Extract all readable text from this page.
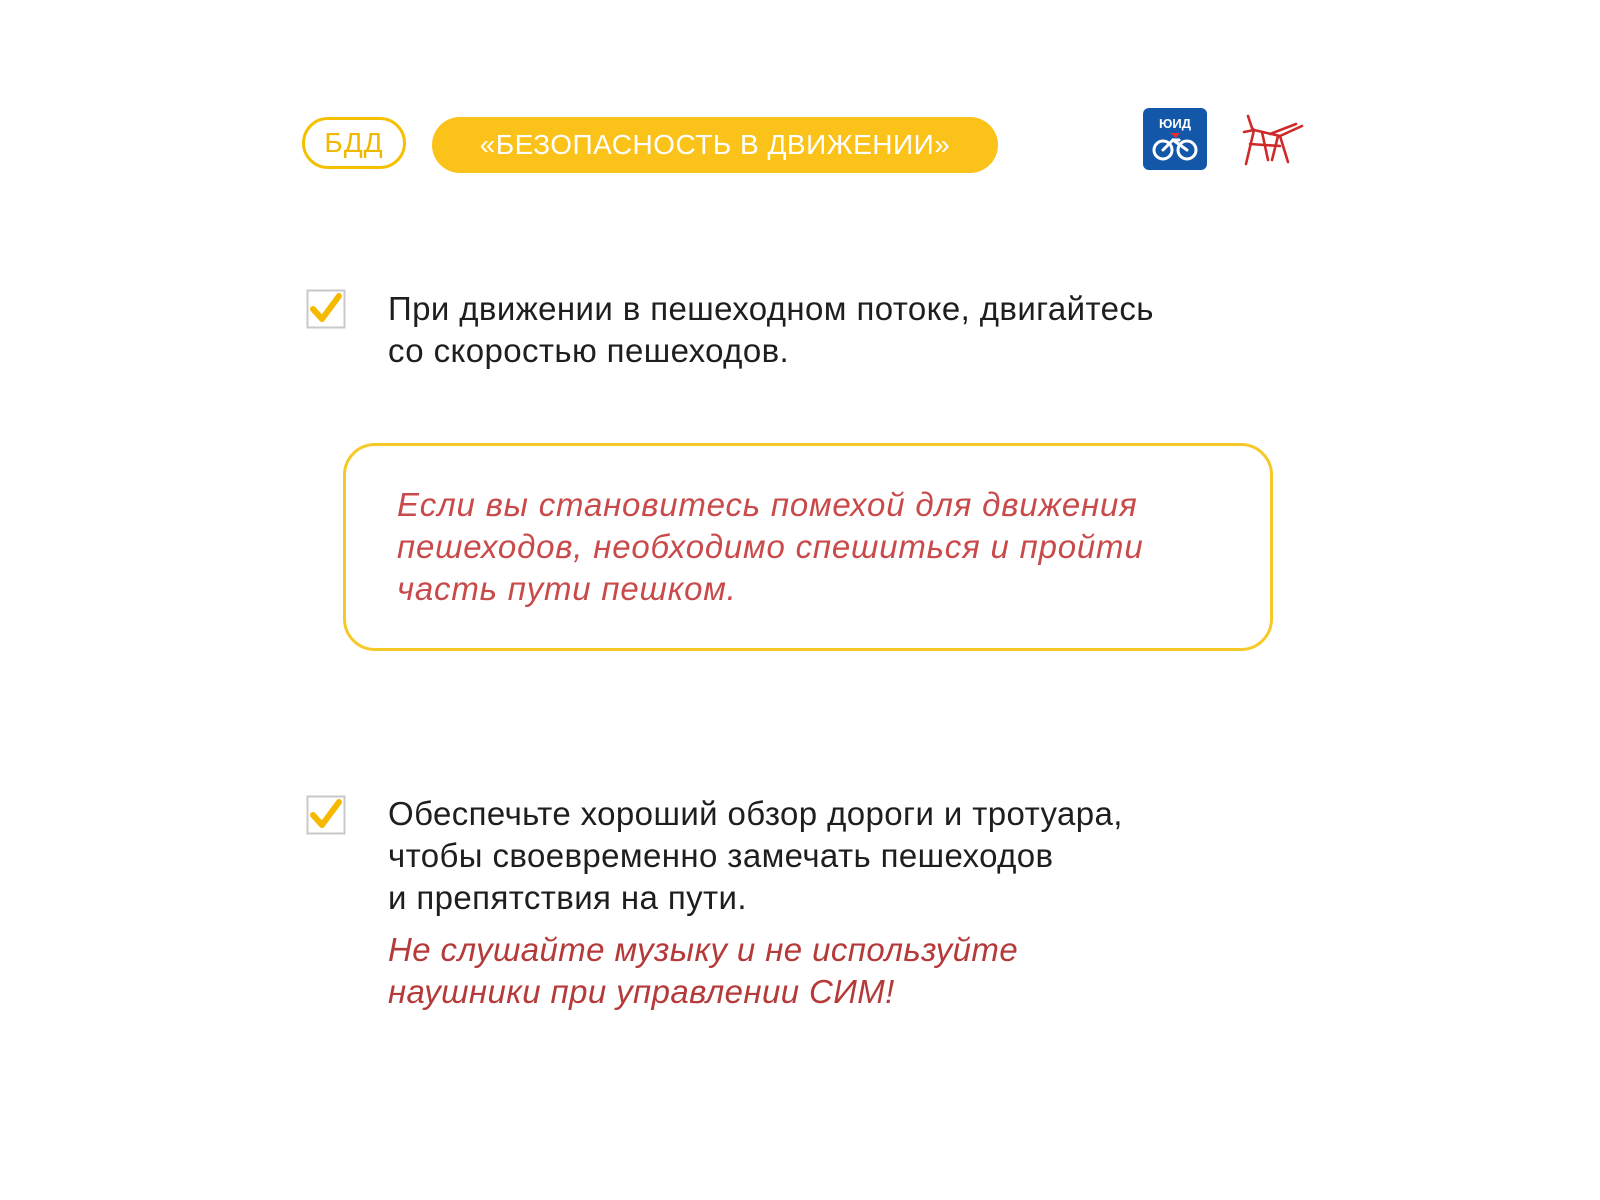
БДД	«БЕЗОПАСНОСТЬ В ДВИЖЕНИИ»
ЮИД
При движении в пешеходном потоке, двигайтесь
со скоростью пешеходов.
Если вы становитесь помехой для движения
пешеходов, необходимо спешиться и пройти
часть пути пешком.
Обеспечьте хороший обзор дороги и тротуара,
чтобы своевременно замечать пешеходов
и препятствия на пути.
Не слушайте музыку и не используйте
наушники при управлении СИМ!
